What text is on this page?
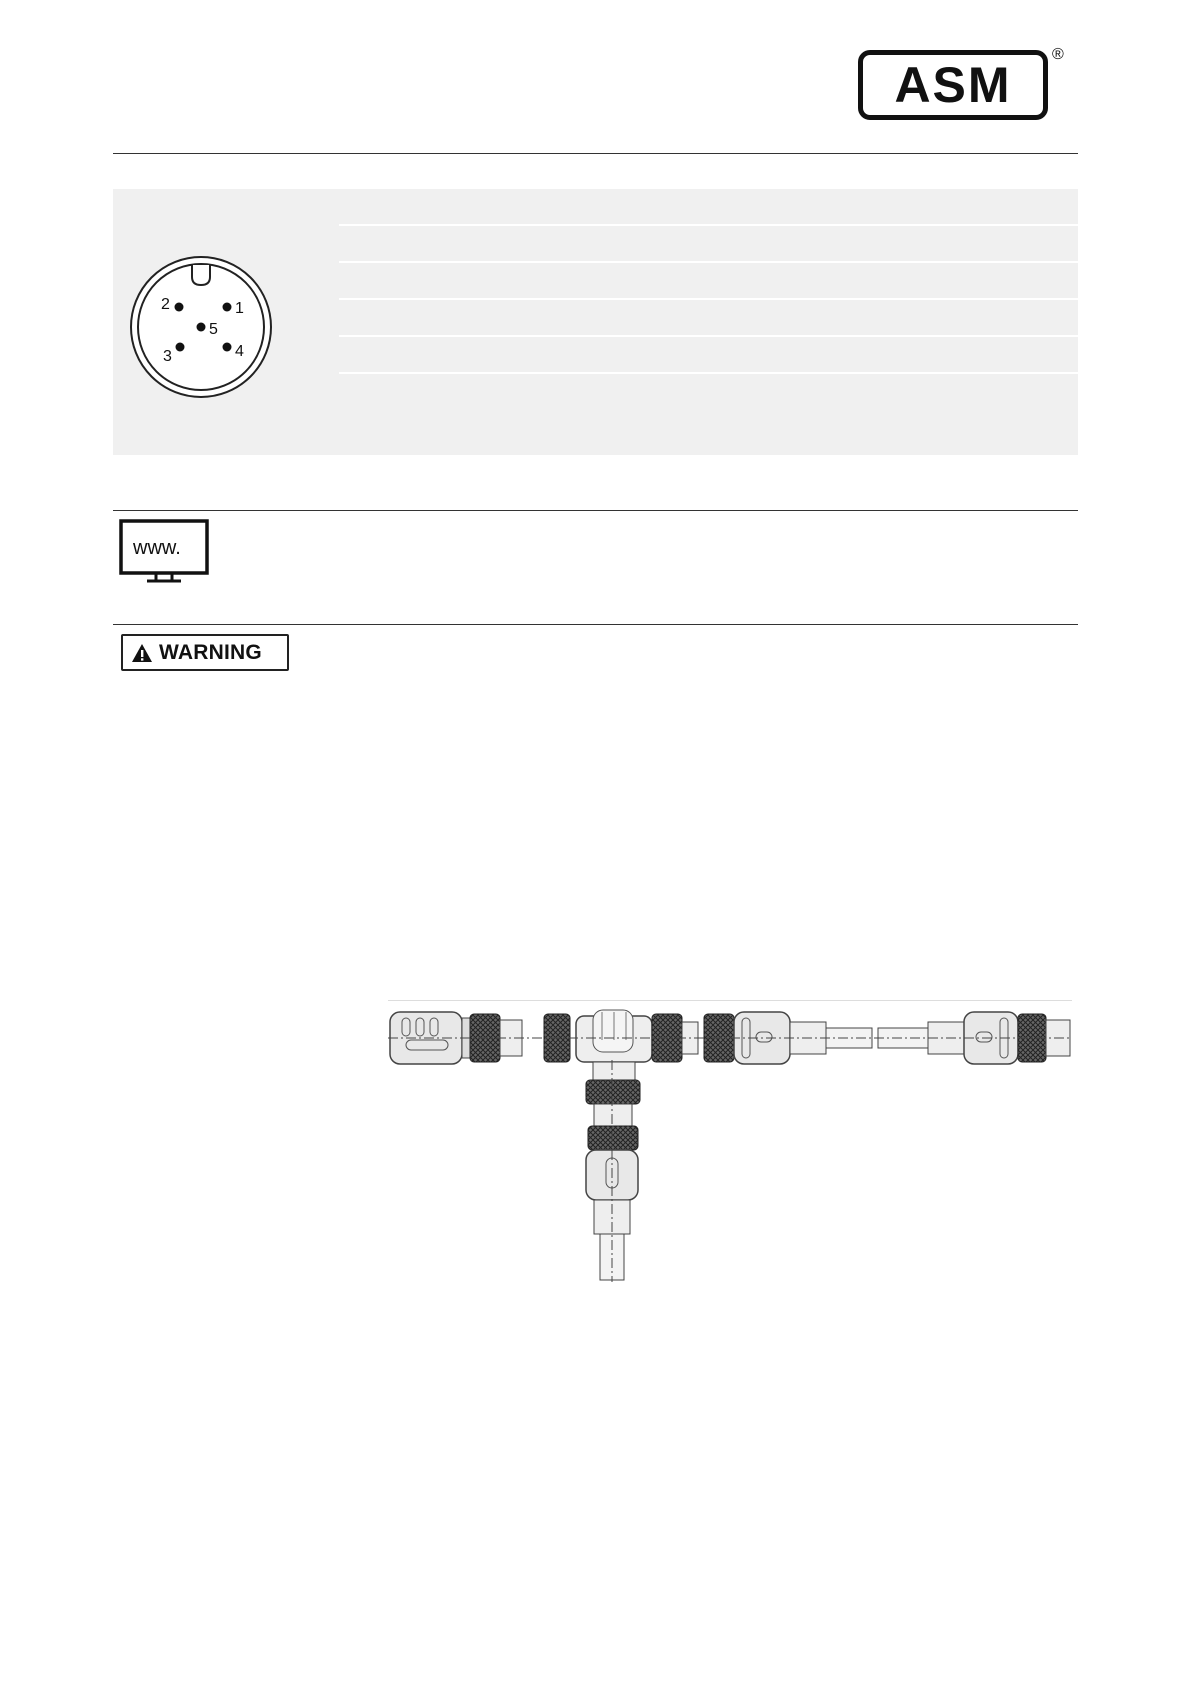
ASM
®
1
2
3	4
5
www.
WARNING
